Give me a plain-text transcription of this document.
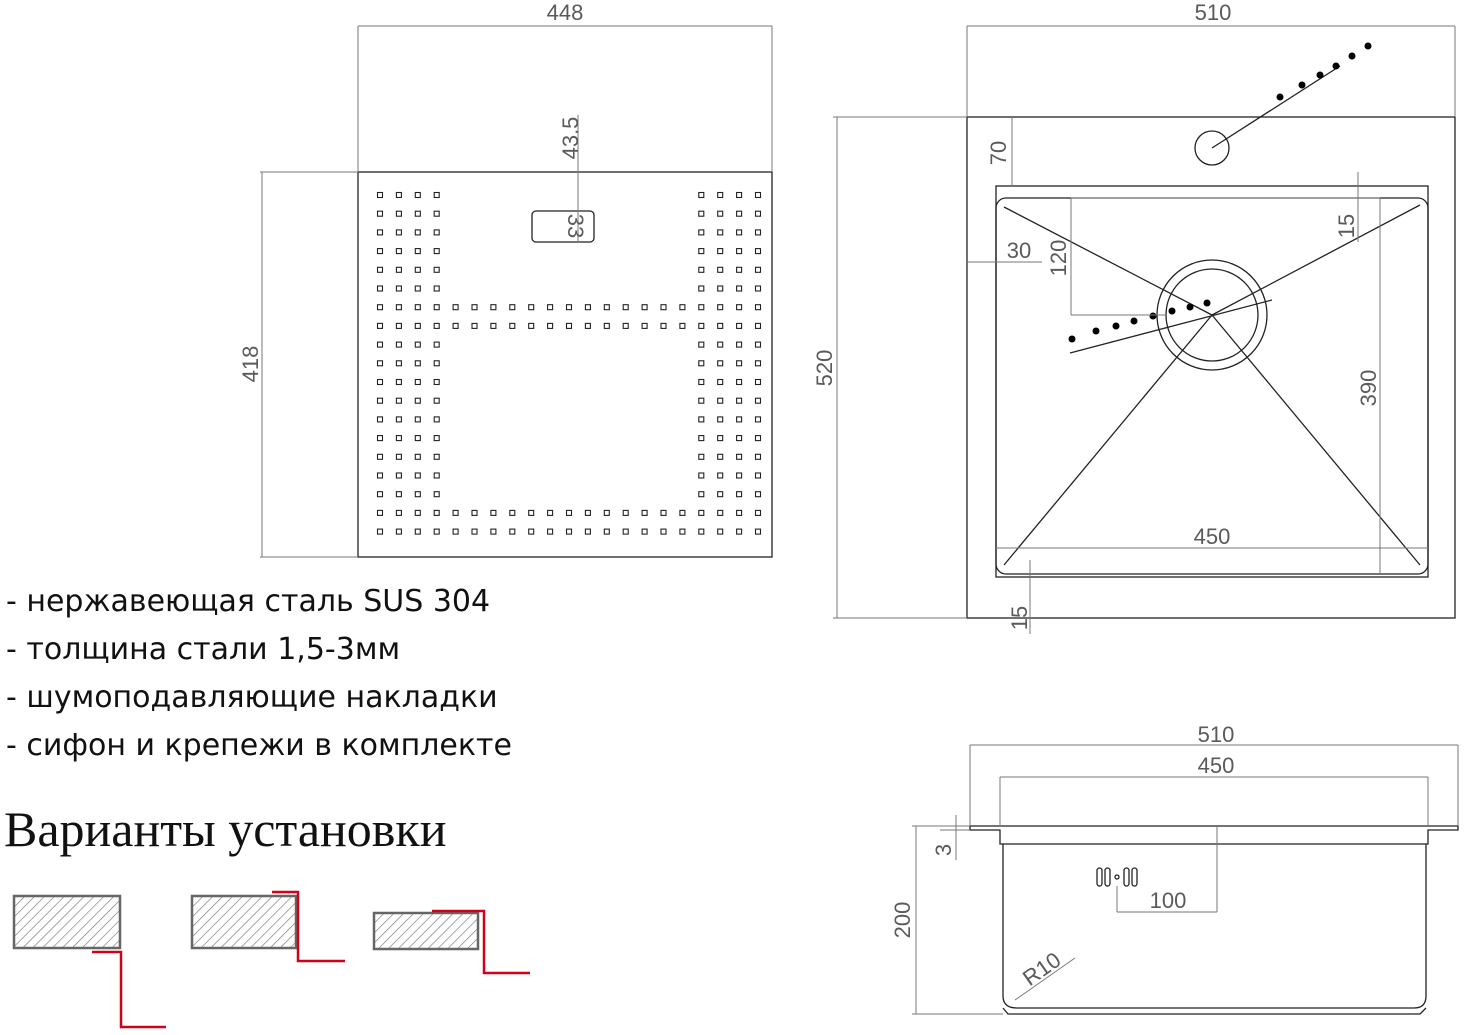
448
418
43.5
33
510
520
70
30 120
15
390
450
15
510
450
3
200
100
R10
- нержавеющая сталь SUS 304
- толщина стали 1,5-3мм
- шумоподавляющие накладки
- сифон и крепежи в комплекте
Варианты установки
